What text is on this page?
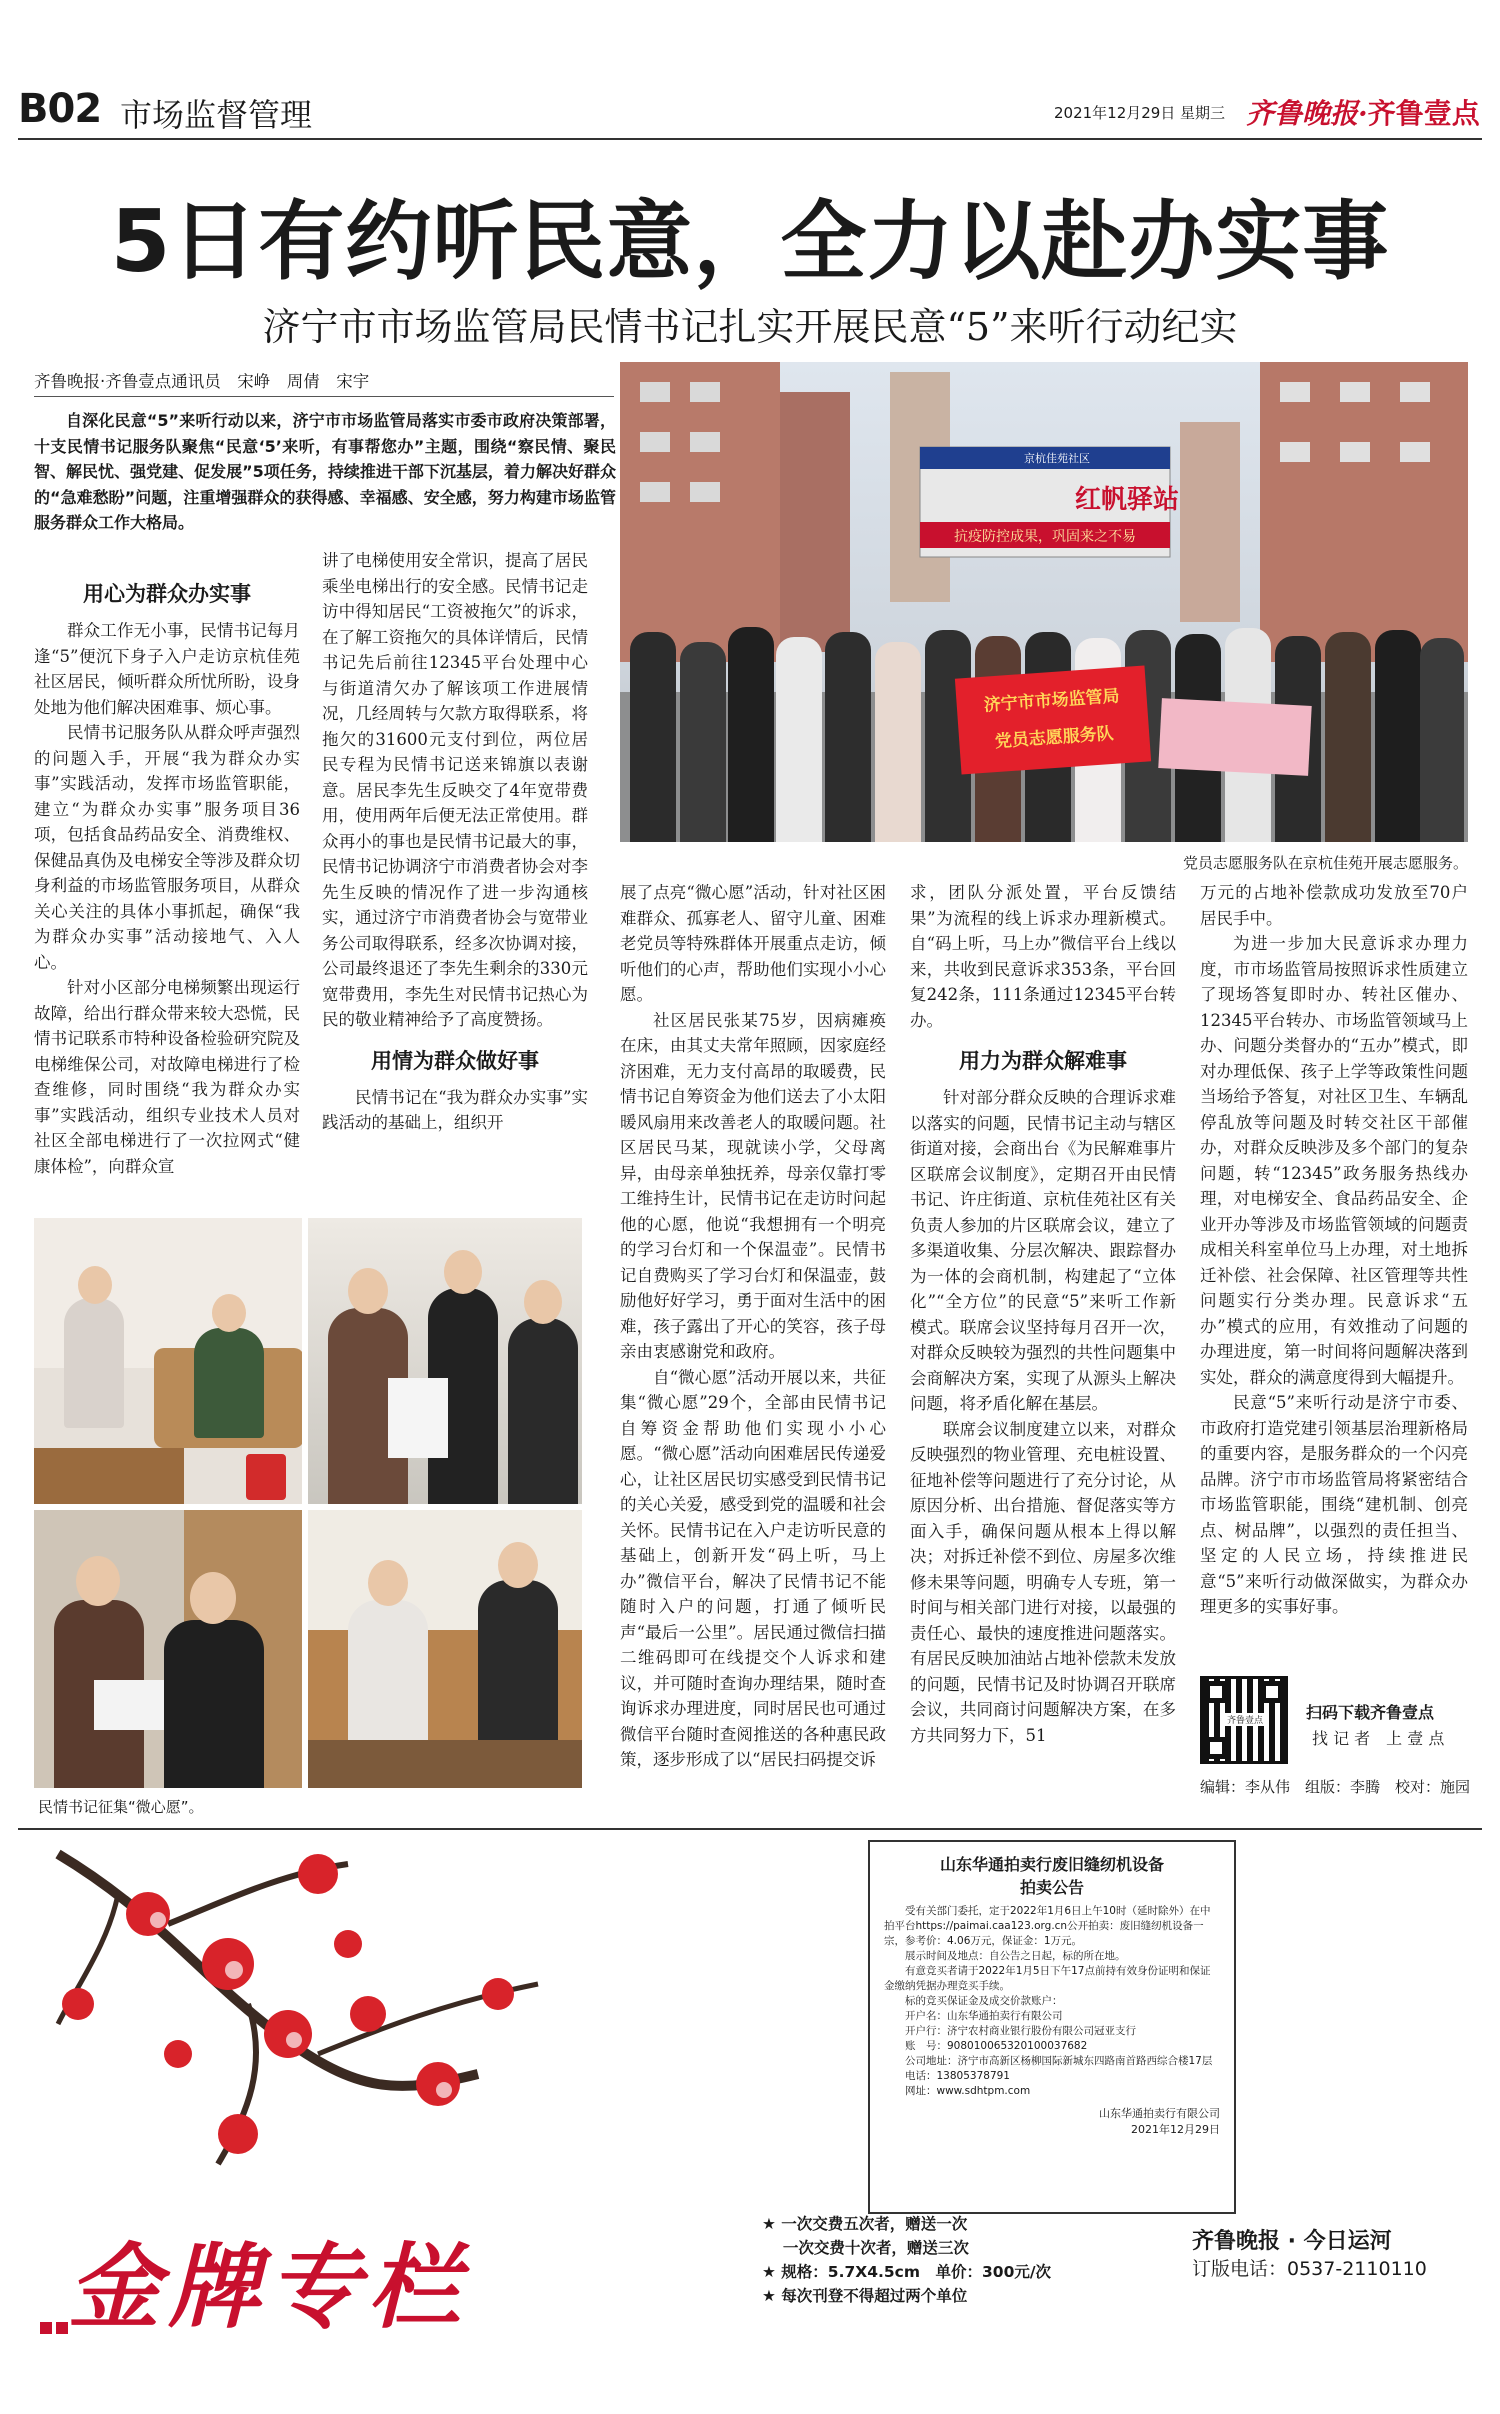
B02 市场监督管理	2021年12月29日 星期三 齐鲁晚报·齐鲁壹点
5日有约听民意，全力以赴办实事
济宁市市场监管局民情书记扎实开展民意“5”来听行动纪实
齐鲁晚报·齐鲁壹点通讯员　宋峥　周倩　宋宇

自深化民意“5”来听行动以来，济宁市市场监管局落实市委市政府决策部署，十支民情书记服务队聚焦“民意‘5’来听，有事帮您办”主题，围绕“察民情、聚民智、解民忧、强党建、促发展”5项任务，持续推进干部下沉基层，着力解决好群众的“急难愁盼”问题，注重增强群众的获得感、幸福感、安全感，努力构建市场监管服务群众工作大格局。

用心为群众办实事

群众工作无小事，民情书记每月逢“5”便沉下身子入户走访京杭佳苑社区居民，倾听群众所忧所盼，设身处地为他们解决困难事、烦心事。

民情书记服务队从群众呼声强烈的问题入手，开展“我为群众办实事”实践活动，发挥市场监管职能，建立“为群众办实事”服务项目36项，包括食品药品安全、消费维权、保健品真伪及电梯安全等涉及群众切身利益的市场监管服务项目，从群众关心关注的具体小事抓起，确保“我为群众办实事”活动接地气、入人心。

针对小区部分电梯频繁出现运行故障，给出行群众带来较大恐慌，民情书记联系市特种设备检验研究院及电梯维保公司，对故障电梯进行了检查维修，同时围绕“我为群众办实事”实践活动，组织专业技术人员对社区全部电梯进行了一次拉网式“健康体检”，向群众宣

讲了电梯使用安全常识，提高了居民乘坐电梯出行的安全感。民情书记走访中得知居民“工资被拖欠”的诉求，在了解工资拖欠的具体详情后，民情书记先后前往12345平台处理中心与街道清欠办了解该项工作进展情况，几经周转与欠款方取得联系，将拖欠的31600元支付到位，两位居民专程为民情书记送来锦旗以表谢意。居民李先生反映交了4年宽带费用，使用两年后便无法正常使用。群众再小的事也是民情书记最大的事，民情书记协调济宁市消费者协会对李先生反映的情况作了进一步沟通核实，通过济宁市消费者协会与宽带业务公司取得联系，经多次协调对接，公司最终退还了李先生剩余的330元宽带费用，李先生对民情书记热心为民的敬业精神给予了高度赞扬。

用情为群众做好事

民情书记在“我为群众办实事”实践活动的基础上，组织开

京杭佳苑社区
红帆驿站
抗疫防控成果，巩固来之不易
济宁市市场监管局
党员志愿服务队
党员志愿服务队在京杭佳苑开展志愿服务。

展了点亮“微心愿”活动，针对社区困难群众、孤寡老人、留守儿童、困难老党员等特殊群体开展重点走访，倾听他们的心声，帮助他们实现小小心愿。

社区居民张某75岁，因病瘫痪在床，由其丈夫常年照顾，因家庭经济困难，无力支付高昂的取暖费，民情书记自筹资金为他们送去了小太阳暖风扇用来改善老人的取暖问题。社区居民马某，现就读小学，父母离异，由母亲单独抚养，母亲仅靠打零工维持生计，民情书记在走访时问起他的心愿，他说“我想拥有一个明亮的学习台灯和一个保温壶”。民情书记自费购买了学习台灯和保温壶，鼓励他好好学习，勇于面对生活中的困难，孩子露出了开心的笑容，孩子母亲由衷感谢党和政府。

自“微心愿”活动开展以来，共征集“微心愿”29个，全部由民情书记自筹资金帮助他们实现小小心愿。“微心愿”活动向困难居民传递爱心，让社区居民切实感受到民情书记的关心关爱，感受到党的温暖和社会关怀。民情书记在入户走访听民意的基础上，创新开发“码上听，马上办”微信平台，解决了民情书记不能随时入户的问题，打通了倾听民声“最后一公里”。居民通过微信扫描二维码即可在线提交个人诉求和建议，并可随时查询办理结果，随时查询诉求办理进度，同时居民也可通过微信平台随时查阅推送的各种惠民政策，逐步形成了以“居民扫码提交诉

求，团队分派处置，平台反馈结果”为流程的线上诉求办理新模式。自“码上听，马上办”微信平台上线以来，共收到民意诉求353条，平台回复242条，111条通过12345平台转办。

用力为群众解难事

针对部分群众反映的合理诉求难以落实的问题，民情书记主动与辖区街道对接，会商出台《为民解难事片区联席会议制度》，定期召开由民情书记、许庄街道、京杭佳苑社区有关负责人参加的片区联席会议，建立了多渠道收集、分层次解决、跟踪督办为一体的会商机制，构建起了“立体化”“全方位”的民意“5”来听工作新模式。联席会议坚持每月召开一次，对群众反映较为强烈的共性问题集中会商解决方案，实现了从源头上解决问题，将矛盾化解在基层。

联席会议制度建立以来，对群众反映强烈的物业管理、充电桩设置、征地补偿等问题进行了充分讨论，从原因分析、出台措施、督促落实等方面入手，确保问题从根本上得以解决；对拆迁补偿不到位、房屋多次维修未果等问题，明确专人专班，第一时间与相关部门进行对接，以最强的责任心、最快的速度推进问题落实。有居民反映加油站占地补偿款未发放的问题，民情书记及时协调召开联席会议，共同商讨问题解决方案，在多方共同努力下，51

万元的占地补偿款成功发放至70户居民手中。

为进一步加大民意诉求办理力度，市市场监管局按照诉求性质建立了现场答复即时办、转社区催办、12345平台转办、市场监管领域马上办、问题分类督办的“五办”模式，即对办理低保、孩子上学等政策性问题当场给予答复，对社区卫生、车辆乱停乱放等问题及时转交社区干部催办，对群众反映涉及多个部门的复杂问题，转“12345”政务服务热线办理，对电梯安全、食品药品安全、企业开办等涉及市场监管领域的问题责成相关科室单位马上办理，对土地拆迁补偿、社会保障、社区管理等共性问题实行分类办理。民意诉求“五办”模式的应用，有效推动了问题的办理进度，第一时间将问题解决落到实处，群众的满意度得到大幅提升。

民意“5”来听行动是济宁市委、市政府打造党建引领基层治理新格局的重要内容，是服务群众的一个闪亮品牌。济宁市市场监管局将紧密结合市场监管职能，围绕“建机制、创亮点、树品牌”，以强烈的责任担当、坚定的人民立场，持续推进民意“5”来听行动做深做实，为群众办理更多的实事好事。

齐鲁壹点	扫码下载齐鲁壹点
找 记 者　上 壹 点
编辑：李从伟　组版：李腾　校对：施园
民情书记征集“微心愿”。
金牌专栏
★ 一次交费五次者，赠送一次
　 一次交费十次者，赠送三次
★ 规格：5.7X4.5cm　单价：300元/次
★ 每次刊登不得超过两个单位
齐鲁晚报 · 今日运河
订版电话：0537-2110110
山东华通拍卖行废旧缝纫机设备
拍卖公告
受有关部门委托，定于2022年1月6日上午10时（延时除外）在中拍平台https://paimai.caa123.org.cn公开拍卖：废旧缝纫机设备一宗，参考价：4.06万元，保证金：1万元。
展示时间及地点：自公告之日起，标的所在地。
有意竞买者请于2022年1月5日下午17点前持有效身份证明和保证金缴纳凭据办理竞买手续。
标的竞买保证金及成交价款账户：
开户名：山东华通拍卖行有限公司
开户行：济宁农村商业银行股份有限公司冠亚支行
账　号：908010065320100037682
公司地址：济宁市高新区杨柳国际新城东四路南首路西综合楼17层
电话：13805378791
网址：www.sdhtpm.com
山东华通拍卖行有限公司
2021年12月29日
